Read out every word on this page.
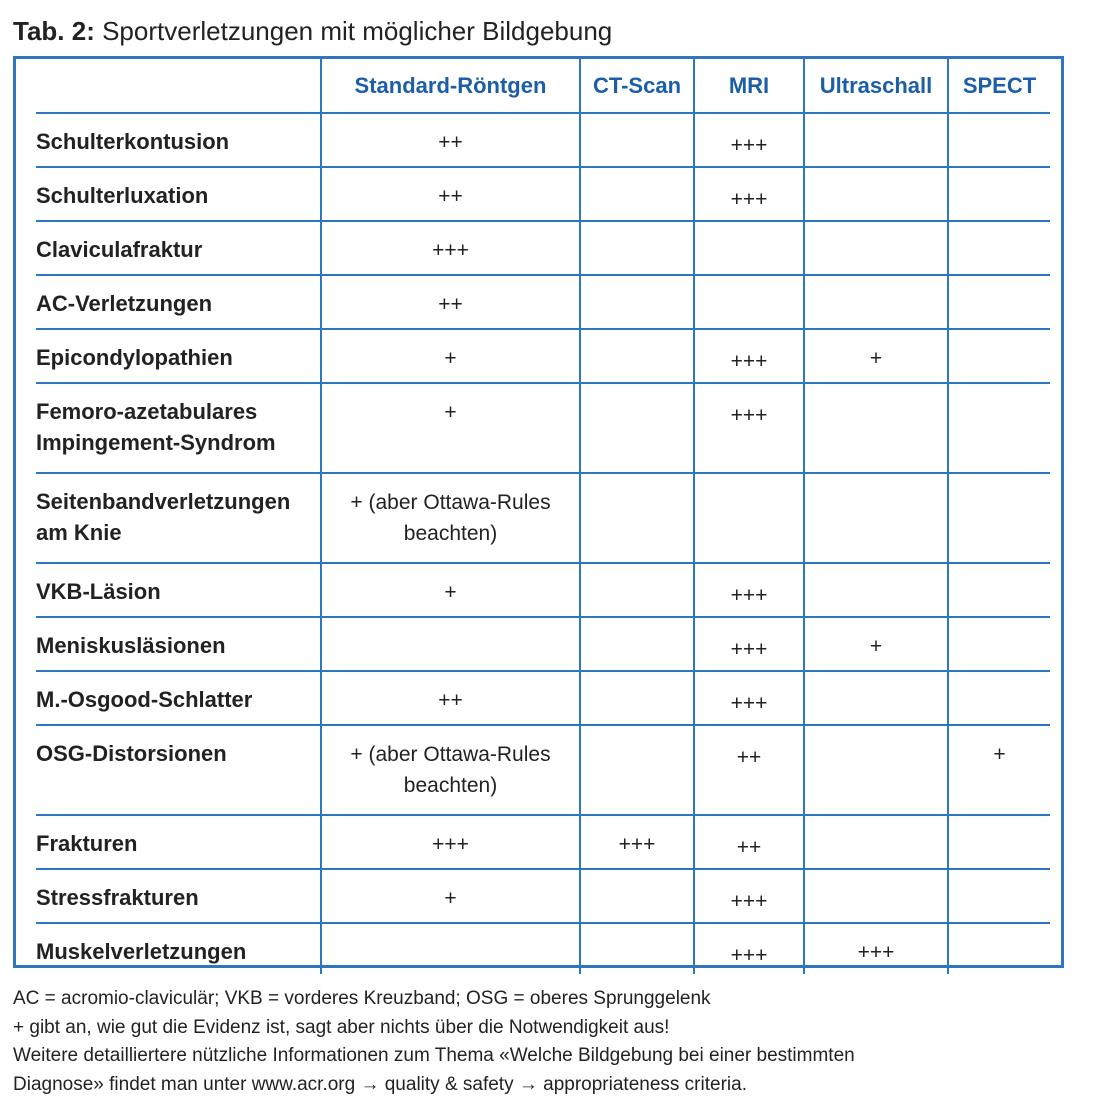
Tab. 2: Sportverletzungen mit möglicher Bildgebung
	Standard-Röntgen	CT-Scan	MRI	Ultraschall	SPECT

Schulterkontusion	++		+++		

Schulterluxation	++		+++		

Claviculafraktur	+++				

AC-Verletzungen	++				

Epicondylopathien	+		+++	+	

Femoro-azetabulares
Impingement-Syndrom	+		+++		

Seitenbandverletzungen
am Knie	+ (aber Ottawa-Rules
beachten)				

VKB-Läsion	+		+++		

Meniskusläsionen			+++	+	

M.-Osgood-Schlatter	++		+++		

OSG-Distorsionen	+ (aber Ottawa-Rules
beachten)		++		+

Frakturen	+++	+++	++		

Stressfrakturen	+		+++		

Muskelverletzungen			+++	+++	

AC = acromio-claviculär; VKB = vorderes Kreuzband; OSG = oberes Sprunggelenk
+ gibt an, wie gut die Evidenz ist, sagt aber nichts über die Notwendigkeit aus!
Weitere detailliertere nützliche Informationen zum Thema «Welche Bildgebung bei einer bestimmten
Diagnose» findet man unter www.acr.org → quality & safety → appropriateness criteria.
